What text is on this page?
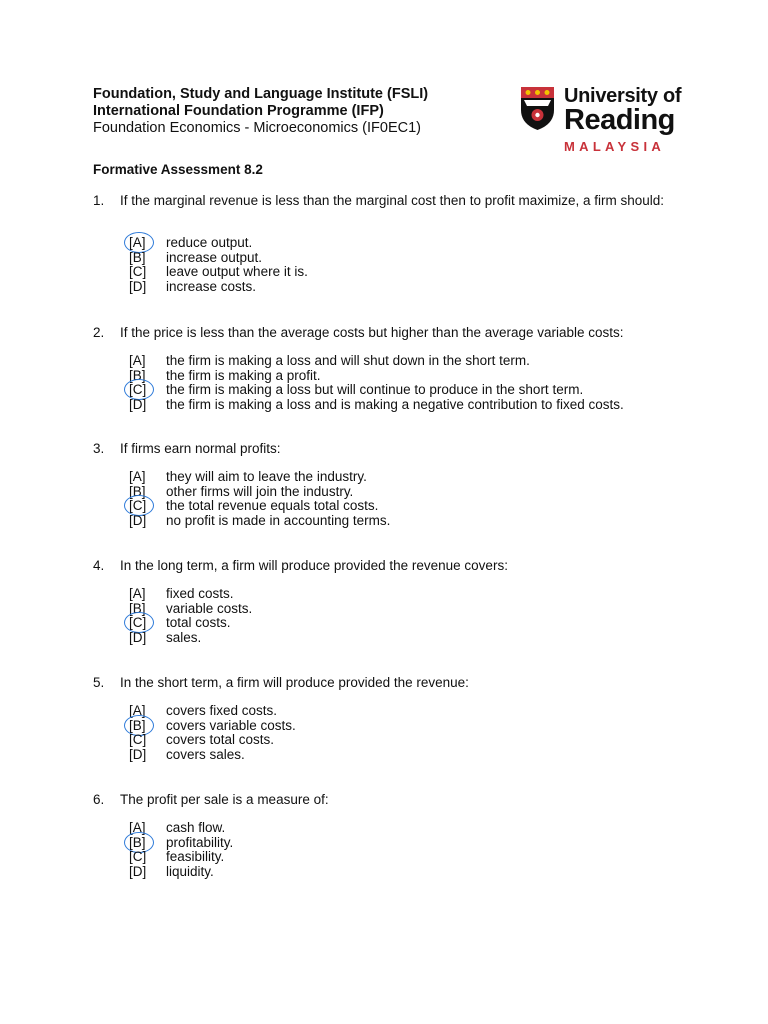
Foundation, Study and Language Institute (FSLI)
International Foundation Programme (IFP)
Foundation Economics - Microeconomics (IF0EC1)
University of
Reading
MALAYSIA
Formative Assessment 8.2
1. If the marginal revenue is less than the marginal cost then to profit maximize, a firm should:
[A] reduce output.
[B] increase output.
[C] leave output where it is.
[D] increase costs.
2. If the price is less than the average costs but higher than the average variable costs:
[A] the firm is making a loss and will shut down in the short term.
[B] the firm is making a profit.
[C] the firm is making a loss but will continue to produce in the short term.
[D] the firm is making a loss and is making a negative contribution to fixed costs.
3. If firms earn normal profits:
[A] they will aim to leave the industry.
[B] other firms will join the industry.
[C] the total revenue equals total costs.
[D] no profit is made in accounting terms.
4. In the long term, a firm will produce provided the revenue covers:
[A] fixed costs.
[B] variable costs.
[C] total costs.
[D] sales.
5. In the short term, a firm will produce provided the revenue:
[A] covers fixed costs.
[B] covers variable costs.
[C] covers total costs.
[D] covers sales.
6. The profit per sale is a measure of:
[A] cash flow.
[B] profitability.
[C] feasibility.
[D] liquidity.
